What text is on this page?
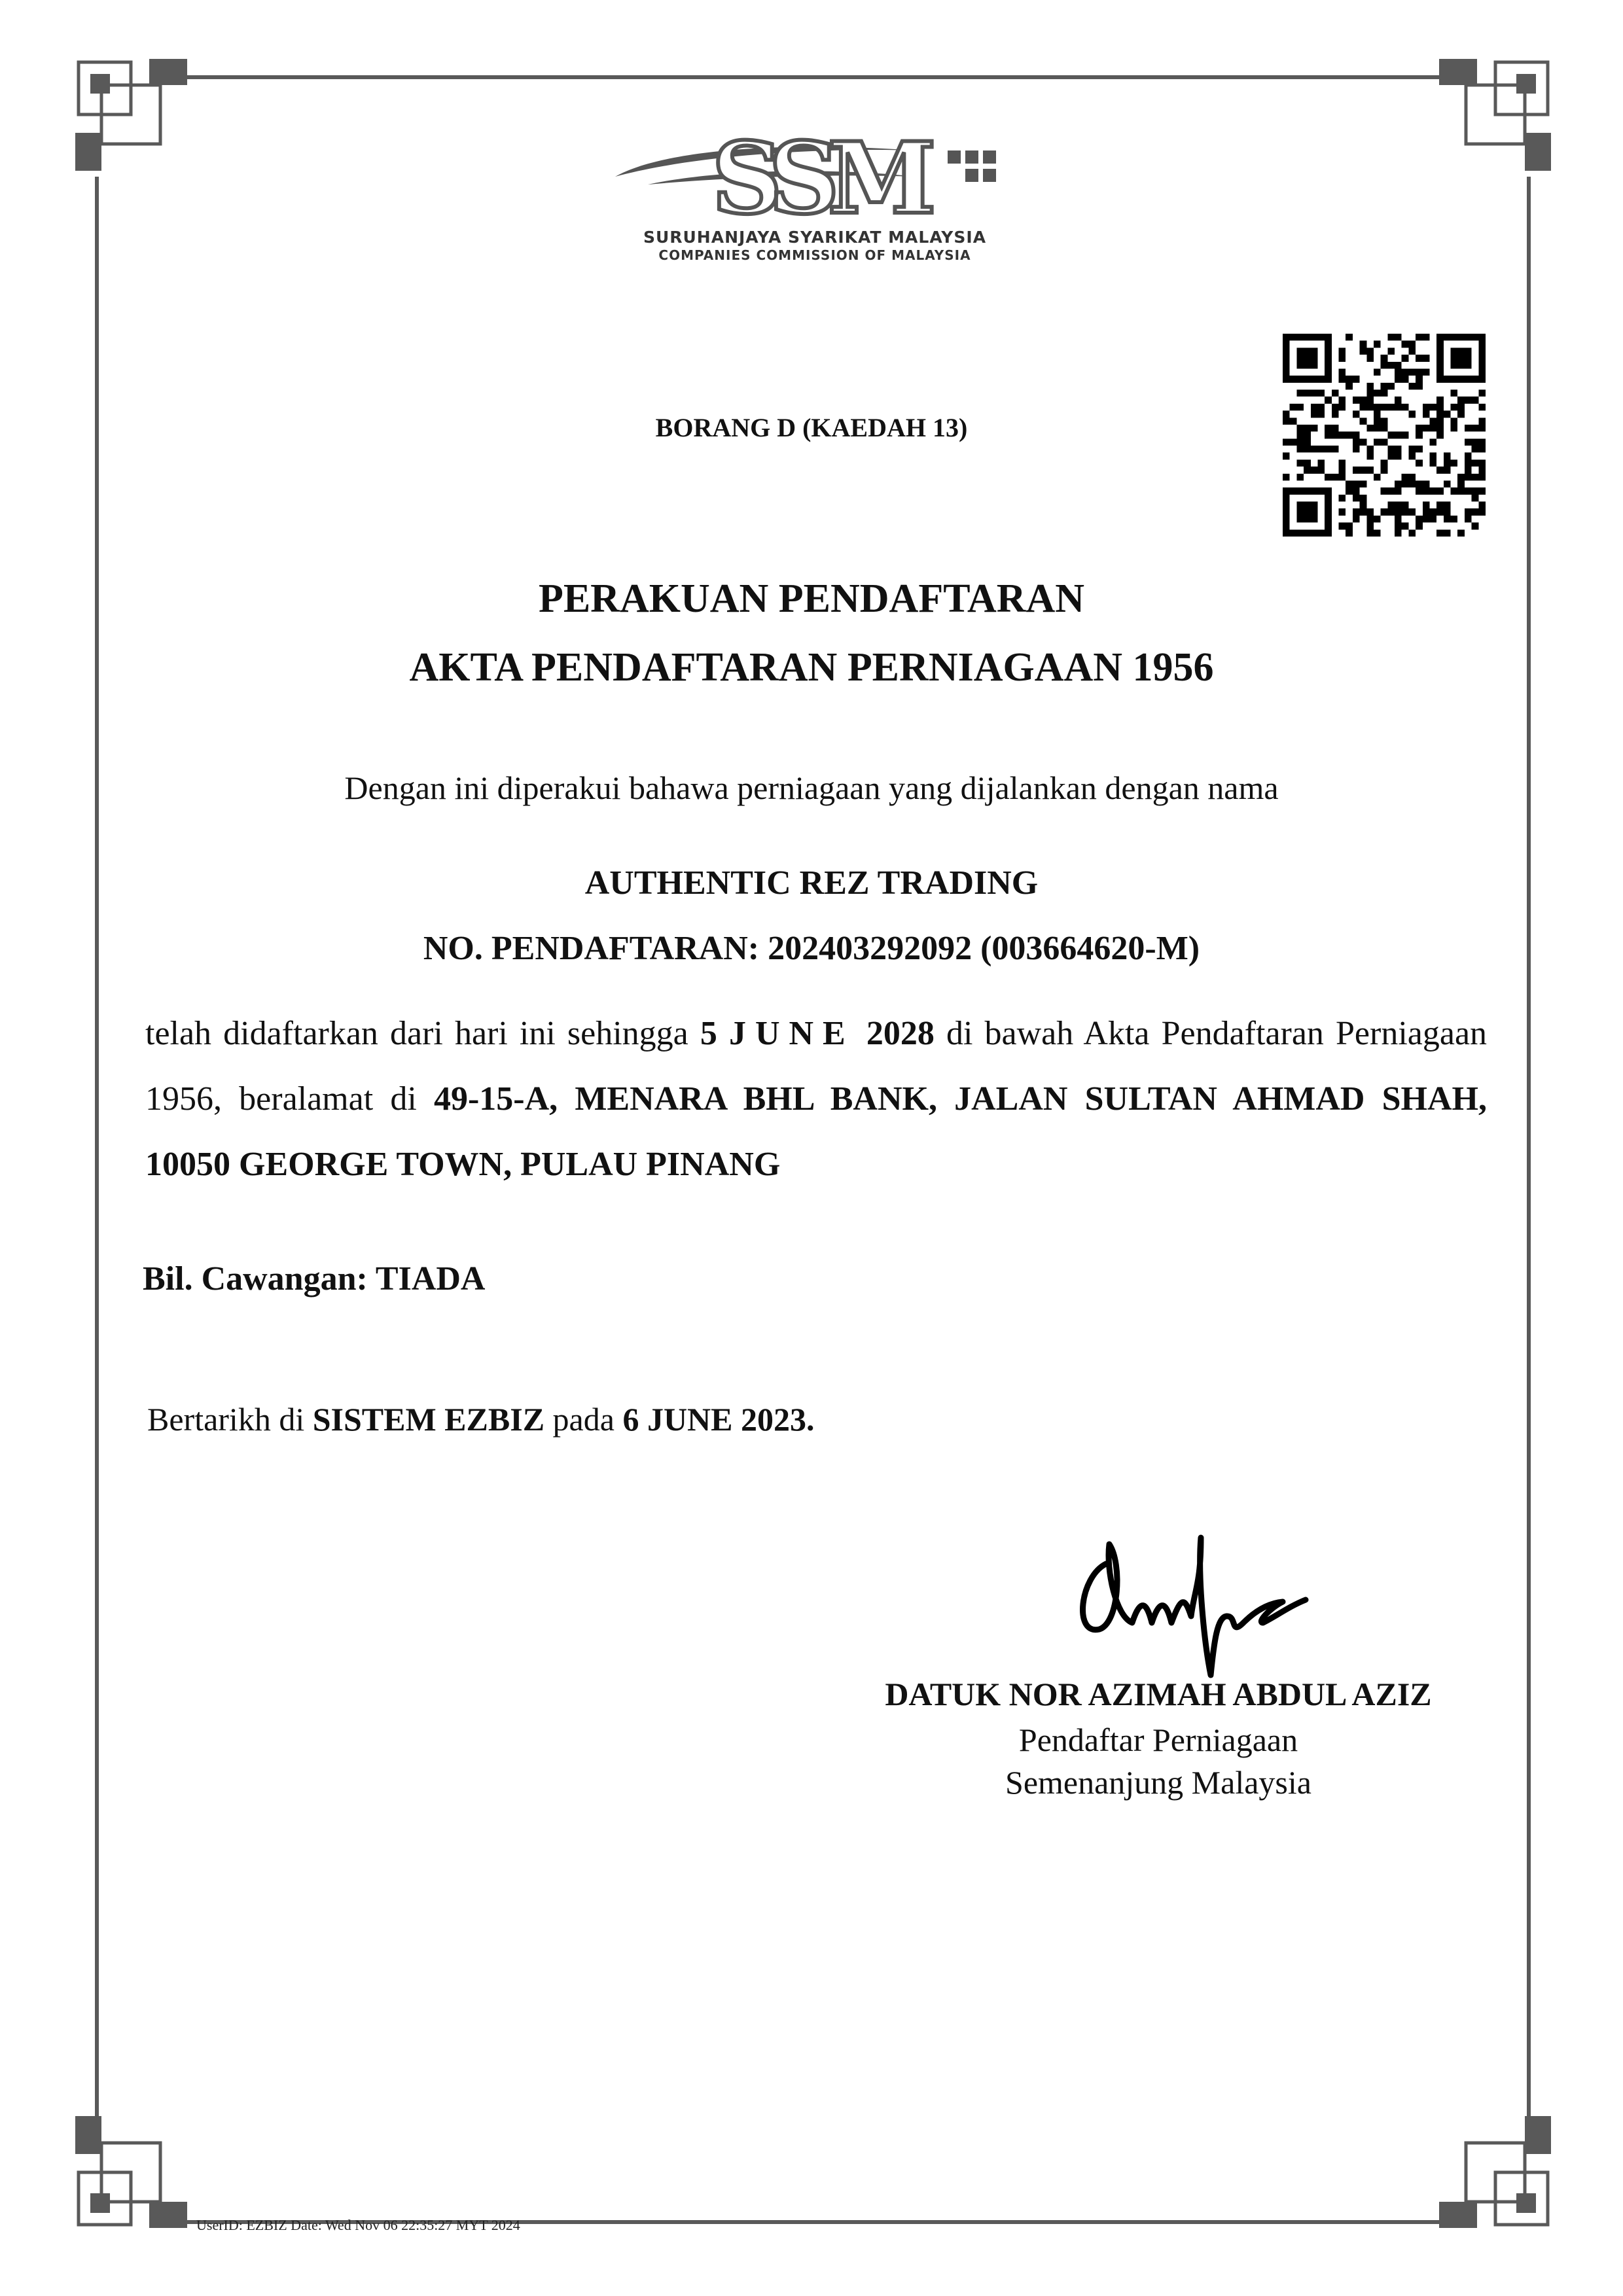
SSM
SURUHANJAYA SYARIKAT MALAYSIA
COMPANIES COMMISSION OF MALAYSIA
BORANG D (KAEDAH 13)
PERAKUAN PENDAFTARAN
AKTA PENDAFTARAN PERNIAGAAN 1956
Dengan ini diperakui bahawa perniagaan yang dijalankan dengan nama
AUTHENTIC REZ TRADING
NO. PENDAFTARAN: 202403292092 (003664620-M)
telah didaftarkan dari hari ini sehingga 5 JUNE 2028 di bawah Akta Pendaftaran Perniagaan 1956, beralamat di 49-15-A, MENARA BHL BANK, JALAN SULTAN AHMAD SHAH, 10050 GEORGE TOWN, PULAU PINANG
Bil. Cawangan: TIADA
Bertarikh di SISTEM EZBIZ pada 6 JUNE 2023.
DATUK NOR AZIMAH ABDUL AZIZ
Pendaftar Perniagaan
Semenanjung Malaysia
UserID: EZBIZ Date: Wed Nov 06 22:35:27 MYT 2024
